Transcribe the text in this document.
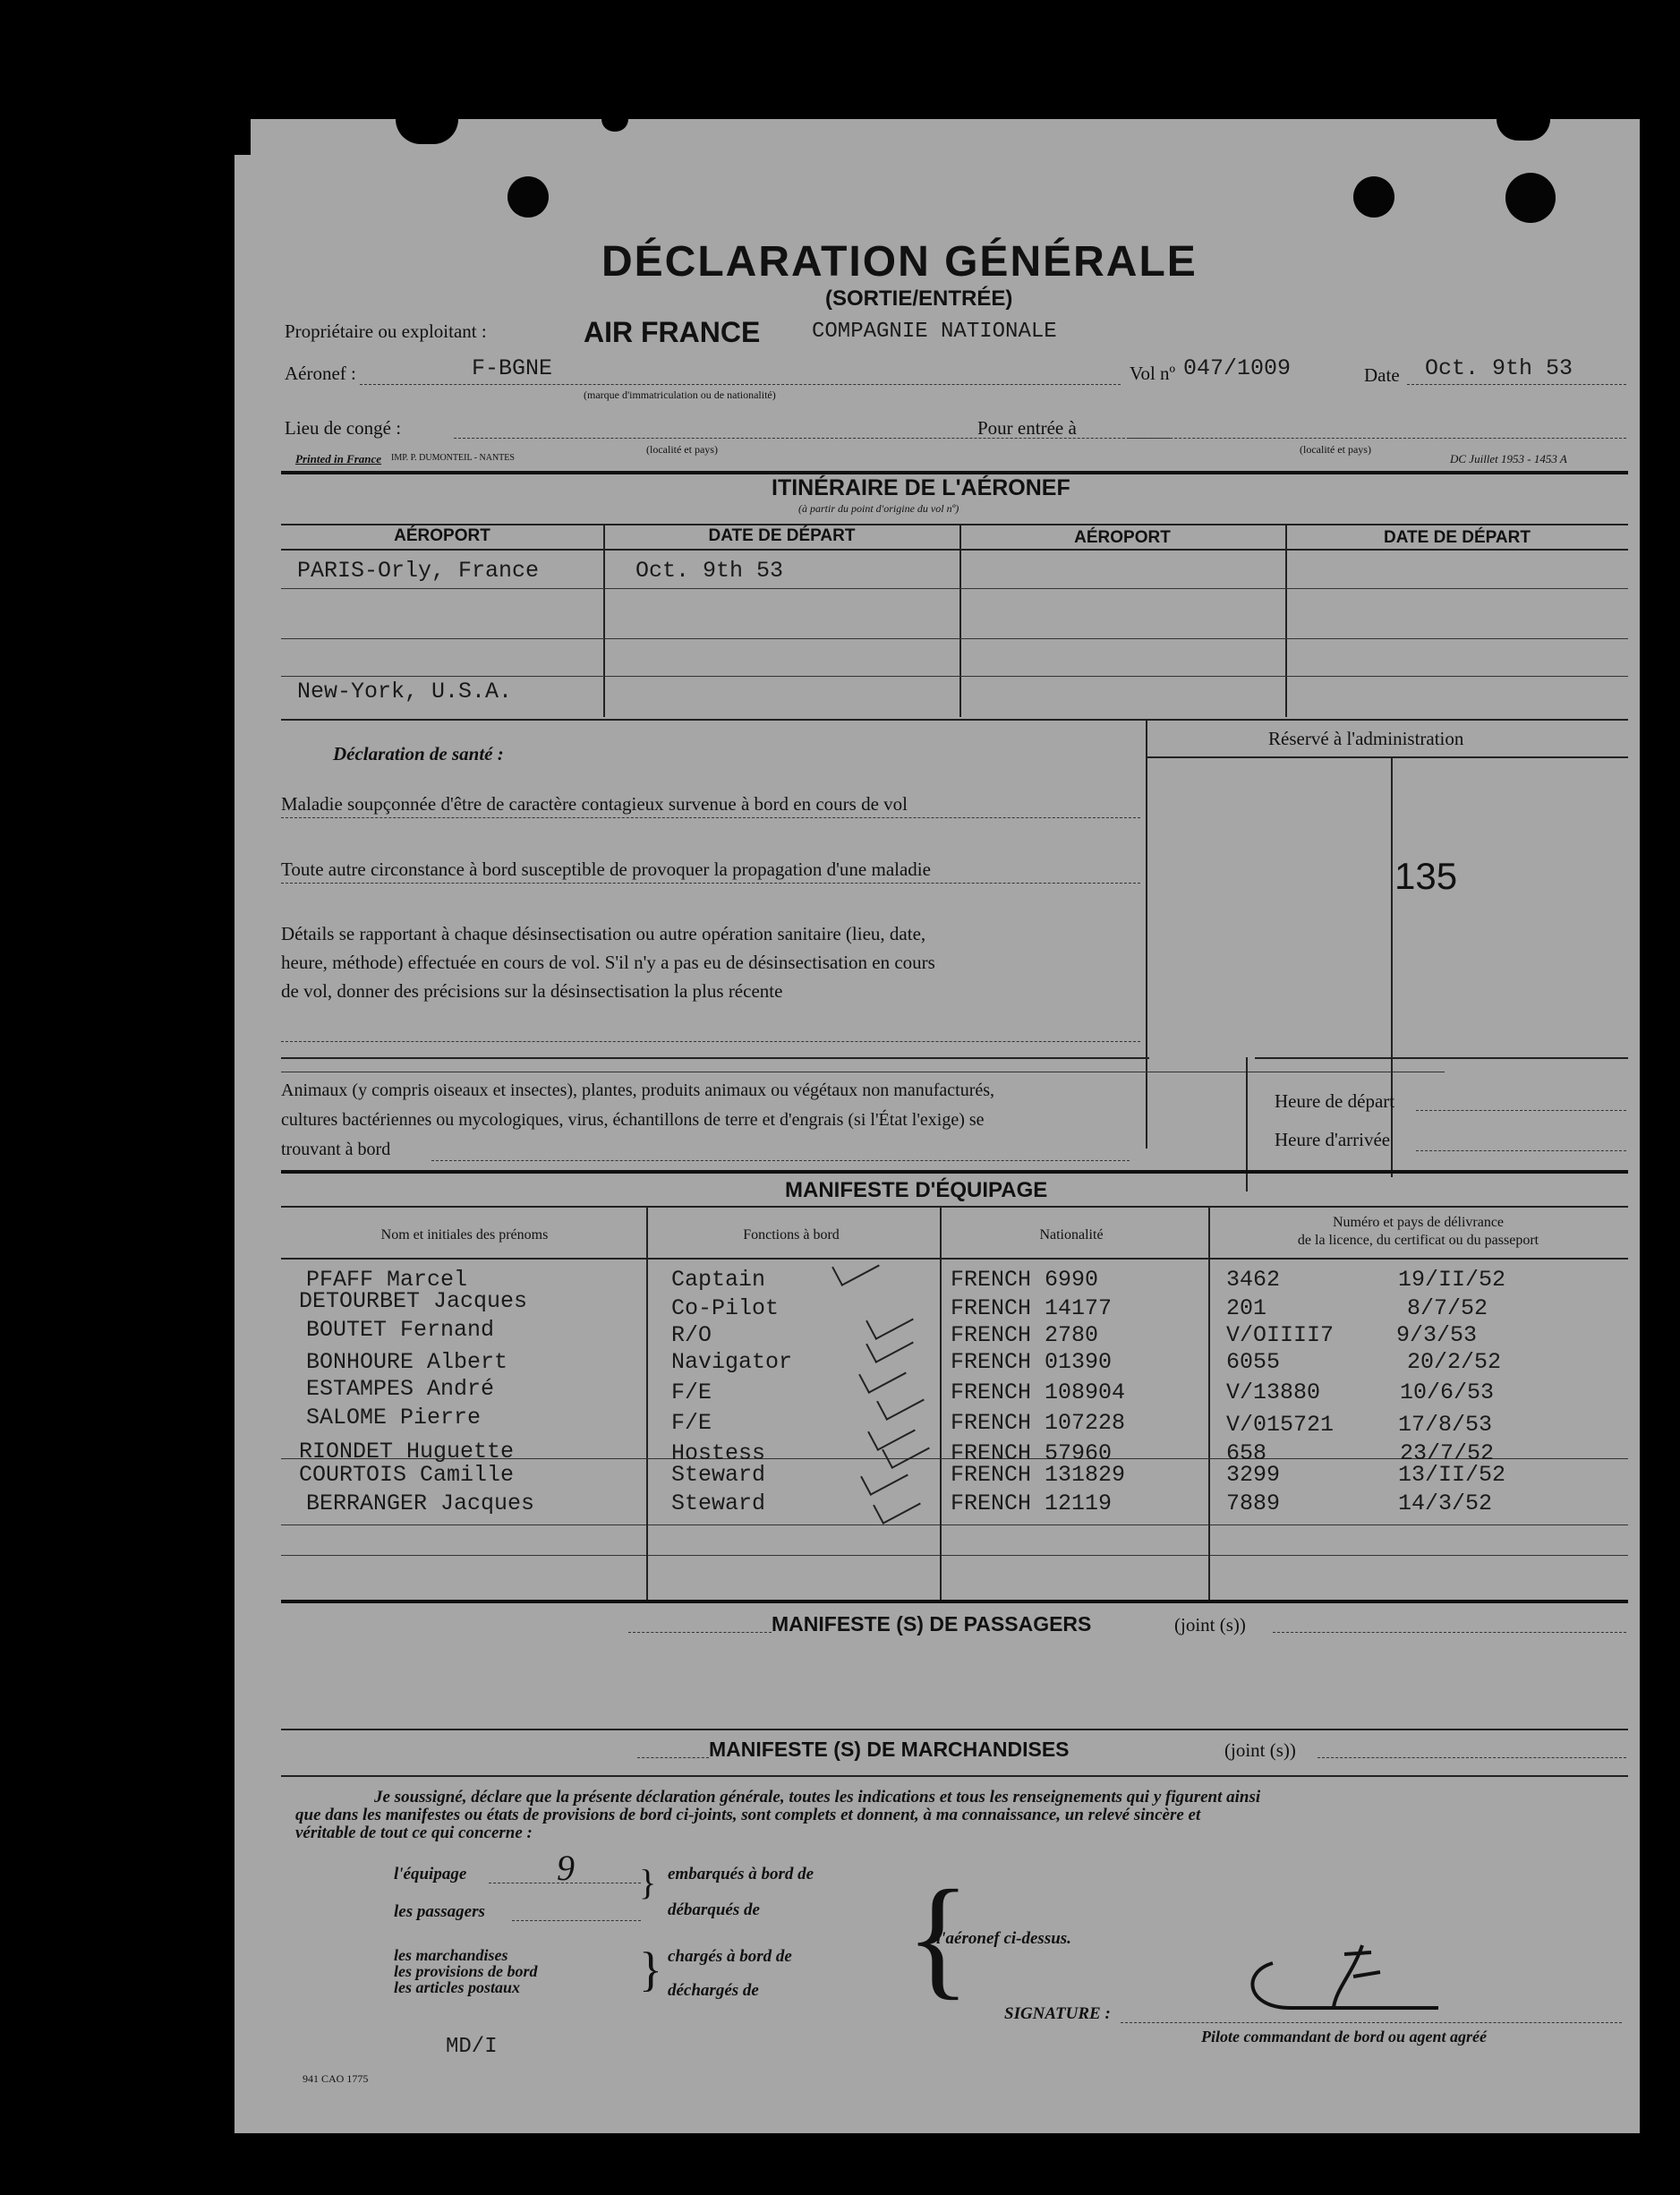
DÉCLARATION GÉNÉRALE
(SORTIE/ENTRÉE)
Propriétaire ou exploitant :	AIR FRANCE COMPAGNIE NATIONALE
Aéronef :	F-BGNE
(marque d'immatriculation ou de nationalité)
Vol nº 047/1009	Date Oct. 9th 53
Lieu de congé :
(localité et pays)
Pour entrée à
(localité et pays)
Printed in France IMP. P. DUMONTEIL - NANTES	DC Juillet 1953 - 1453 A
ITINÉRAIRE DE L'AÉRONEF
(à partir du point d'origine du vol nº)
AÉROPORT	DATE DE DÉPART	AÉROPORT	DATE DE DÉPART
PARIS-Orly, France	Oct. 9th 53
New-York, U.S.A.
Déclaration de santé :
Maladie soupçonnée d'être de caractère contagieux survenue à bord en cours de vol
Toute autre circonstance à bord susceptible de provoquer la propagation d'une maladie
Détails se rapportant à chaque désinsectisation ou autre opération sanitaire (lieu, date,
heure, méthode) effectuée en cours de vol. S'il n'y a pas eu de désinsectisation en cours
de vol, donner des précisions sur la désinsectisation la plus récente
Réservé à l'administration
135
Animaux (y compris oiseaux et insectes), plantes, produits animaux ou végétaux non manufacturés,
cultures bactériennes ou mycologiques, virus, échantillons de terre et d'engrais (si l'État l'exige) se
trouvant à bord
Heure de départ
Heure d'arrivée
MANIFESTE D'ÉQUIPAGE
Nom et initiales des prénoms	Fonctions à bord	Nationalité
Numéro et pays de délivrance
de la licence, du certificat ou du passeport
PFAFF Marcel	Captain	FRENCH 6990	3462	19/II/52
DETOURBET Jacques	Co-Pilot	FRENCH 14177	201	8/7/52
BOUTET Fernand	R/O	FRENCH 2780	V/OIIII7	9/3/53
BONHOURE Albert	Navigator	FRENCH 01390	6055	20/2/52
ESTAMPES André	F/E	FRENCH 108904	V/13880	10/6/53
SALOME Pierre	F/E	FRENCH 107228	V/015721	17/8/53
RIONDET Huguette	Hostess	FRENCH 57960	658	23/7/52
COURTOIS Camille	Steward	FRENCH 131829	3299	13/II/52
BERRANGER Jacques	Steward	FRENCH 12119	7889	14/3/52
MANIFESTE (S) DE PASSAGERS	(joint (s))
MANIFESTE (S) DE MARCHANDISES	(joint (s))
Je soussigné, déclare que la présente déclaration générale, toutes les indications et tous les renseignements qui y figurent ainsi
que dans les manifestes ou états de provisions de bord ci-joints, sont complets et donnent, à ma connaissance, un relevé sincère et
véritable de tout ce qui concerne :
l'équipage	9
les passagers
les marchandises
les provisions de bord
les articles postaux
}
}
embarqués à bord de
débarqués de
chargés à bord de
déchargés de {
l'aéronef ci-dessus.
SIGNATURE :
Pilote commandant de bord ou agent agréé
MD/I
941 CAO 1775
